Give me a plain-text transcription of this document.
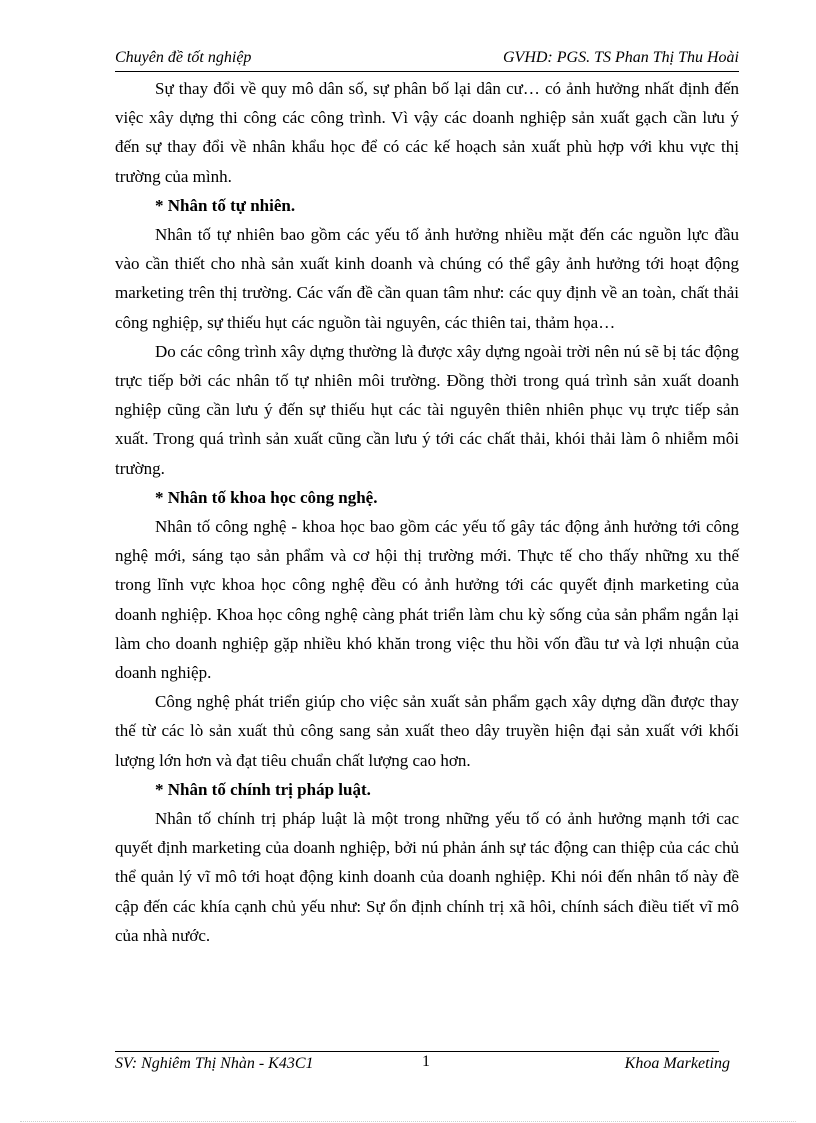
Chuyên đề tốt nghiệp	GVHD: PGS. TS Phan Thị Thu Hoài

Sự thay đổi về quy mô dân số, sự phân bố lại dân cư… có ảnh hưởng nhất định đến việc xây dựng thi công các công trình. Vì vậy các doanh nghiệp sản xuất gạch cần lưu ý đến sự thay đổi về nhân khẩu học để có các kế hoạch sản xuất phù hợp với khu vực thị trường của mình.

* Nhân tố tự nhiên.

Nhân tố tự nhiên bao gồm các yếu tố ảnh hưởng nhiều mặt đến các nguồn lực đầu vào cần thiết cho nhà sản xuất kinh doanh và chúng có thể gây ảnh hưởng tới hoạt động marketing trên thị trường. Các vấn đề cần quan tâm như: các quy định về an toàn, chất thải công nghiệp, sự thiếu hụt các nguồn tài nguyên, các thiên tai, thảm họa…

Do các công trình xây dựng thường là được xây dựng ngoài trời nên nú sẽ bị tác động trực tiếp bởi các nhân tố tự nhiên môi trường. Đồng thời trong quá trình sản xuất doanh nghiệp cũng cần lưu ý đến sự thiếu hụt các tài nguyên thiên nhiên phục vụ trực tiếp sản xuất. Trong quá trình sản xuất cũng cần lưu ý tới các chất thải, khói thải làm ô nhiễm môi trường.

* Nhân tố khoa học công nghệ.

Nhân tố công nghệ - khoa học bao gồm các yếu tố gây tác động ảnh hưởng tới công nghệ mới, sáng tạo sản phẩm và cơ hội thị trường mới. Thực tế cho thấy những xu thế trong lĩnh vực khoa học công nghệ đều có ảnh hưởng tới các quyết định marketing của doanh nghiệp. Khoa học công nghệ càng phát triển làm chu kỳ sống của sản phẩm ngắn lại làm cho doanh nghiệp gặp nhiều khó khăn trong việc thu hồi vốn đầu tư và lợi nhuận của doanh nghiệp.

Công nghệ phát triển giúp cho việc sản xuất sản phẩm gạch xây dựng dần được thay thế từ các lò sản xuất thủ công sang sản xuất theo dây truyền hiện đại sản xuất với khối lượng lớn hơn và đạt tiêu chuẩn chất lượng cao hơn.

* Nhân tố chính trị pháp luật.

Nhân tố chính trị pháp luật là một trong những yếu tố có ảnh hưởng mạnh tới cac quyết định marketing của doanh nghiệp, bởi nú phản ánh sự tác động can thiệp của các chủ thể quản lý vĩ mô tới hoạt động kinh doanh của doanh nghiệp. Khi nói đến nhân tố này đề cập đến các khía cạnh chủ yếu như: Sự ổn định chính trị xã hôi, chính sách điều tiết vĩ mô của nhà nước.

SV: Nghiêm Thị Nhàn - K43C1	1	Khoa Marketing
